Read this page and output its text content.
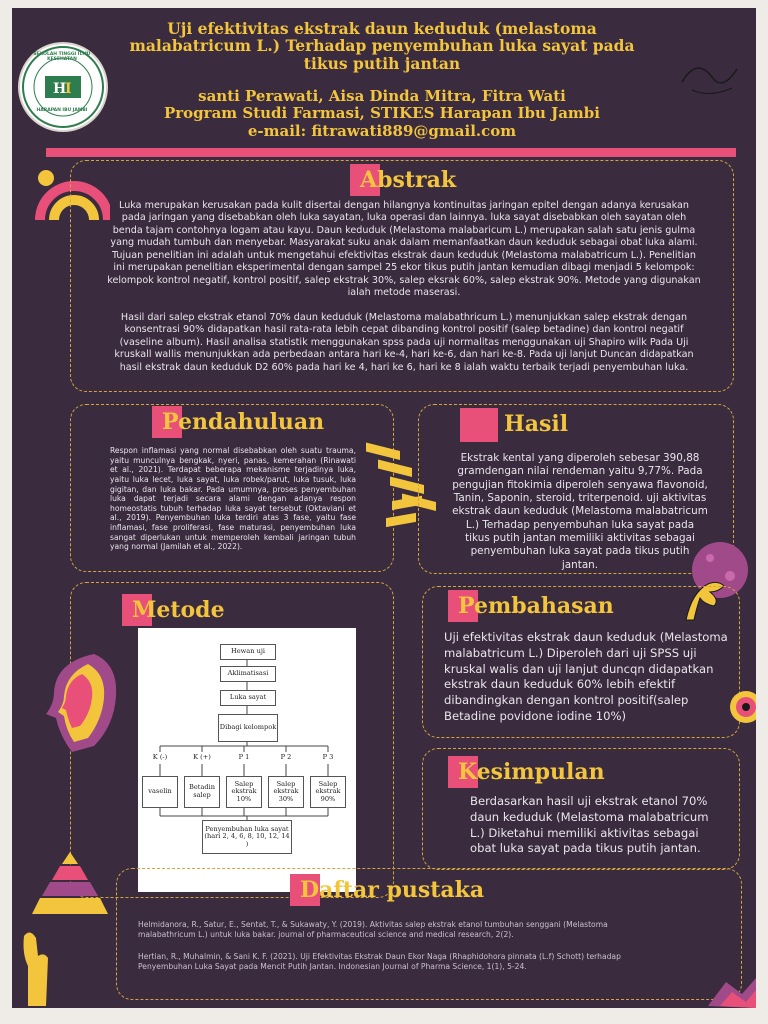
H
I
SEKOLAH TINGGI ILMU KESEHATAN
HARAPAN IBU JAMBI
Uji efektivitas ekstrak daun keduduk (melastoma
malabatricum L.) Terhadap penyembuhan luka sayat pada
tikus putih jantan
santi Perawati, Aisa Dinda Mitra, Fitra Wati
Program Studi Farmasi, STIKES Harapan Ibu Jambi
e-mail: fitrawati889@gmail.com
Abstrak
Luka merupakan kerusakan pada kulit disertai dengan hilangnya kontinuitas jaringan epitel dengan adanya kerusakan pada jaringan yang disebabkan oleh luka sayatan, luka operasi dan lainnya. luka sayat disebabkan oleh sayatan oleh benda tajam contohnya logam atau kayu. Daun keduduk (Melastoma malabaricum L.) merupakan salah satu jenis gulma yang mudah tumbuh dan menyebar. Masyarakat suku anak dalam memanfaatkan daun keduduk sebagai obat luka alami. Tujuan penelitian ini adalah untuk mengetahui efektivitas ekstrak daun keduduk (Melastoma malabatricum L.). Penelitian ini merupakan penelitian eksperimental dengan sampel 25 ekor tikus putih jantan kemudian dibagi menjadi 5 kelompok: kelompok kontrol negatif, kontrol positif, salep ekstrak 30%, salep eksrak 60%, salep ekstrak 90%. Metode yang digunakan ialah metode maserasi.
Hasil dari salep ekstrak etanol 70% daun keduduk (Melastoma malabathricum L.) menunjukkan salep ekstrak dengan konsentrasi 90% didapatkan hasil rata-rata lebih cepat dibanding kontrol positif (salep betadine) dan kontrol negatif (vaseline album). Hasil analisa statistik menggunakan spss pada uji normalitas menggunakan uji Shapiro wilk Pada Uji kruskall wallis menunjukkan ada perbedaan antara hari ke-4, hari ke-6, dan hari ke-8. Pada uji lanjut Duncan didapatkan hasil ekstrak daun keduduk D2 60% pada hari ke 4, hari ke 6, hari ke 8 ialah waktu terbaik terjadi penyembuhan luka.
Pendahuluan
Respon inflamasi yang normal disebabkan oleh suatu trauma, yaitu munculnya bengkak, nyeri, panas, kemerahan (Rinawati et al., 2021). Terdapat beberapa mekanisme terjadinya luka, yaitu luka lecet, luka sayat, luka robek/parut, luka tusuk, luka gigitan, dan luka bakar. Pada umumnya, proses penyembuhan luka dapat terjadi secara alami dengan adanya respon homeostatis tubuh terhadap luka sayat tersebut (Oktaviani et al., 2019). Penyembuhan luka terdiri atas 3 fase, yaitu fase inflamasi, fase proliferasi, fase maturasi, penyembuhan luka sangat diperlukan untuk memperoleh kembali jaringan tubuh yang normal (Jamilah et al., 2022).
Hasil
Ekstrak kental yang diperoleh sebesar 390,88 gramdengan nilai rendeman yaitu 9,77%. Pada pengujian fitokimia diperoleh senyawa flavonoid, Tanin, Saponin, steroid, triterpenoid. uji aktivitas ekstrak daun keduduk (Melastoma malabatricum L.) Terhadap penyembuhan luka sayat pada tikus putih jantan memiliki aktivitas sebagai penyembuhan luka sayat pada tikus putih jantan.
Metode
Hewan uji
Aklimatisasi
Luka sayat
Dibagi kelompok
K (-)	K (+)	P 1	P 2	P 3
vaselin	Betadin salep
Salep ekstrak 10%
Salep ekstrak 30%
Salep ekstrak 90%
Penyembuhan luka sayat (hari 2, 4, 6, 8, 10, 12, 14 )
Pembahasan
Uji efektivitas ekstrak daun keduduk (Melastoma malabatricum L.) Diperoleh dari uji SPSS uji kruskal walis dan uji lanjut duncqn didapatkan ekstrak daun keduduk 60% lebih efektif dibandingkan dengan kontrol positif(salep Betadine povidone iodine 10%)
Kesimpulan
Berdasarkan hasil uji ekstrak etanol 70% daun keduduk (Melastoma malabatricum L.) Diketahui memiliki aktivitas sebagai obat luka sayat pada tikus putih jantan.
Daftar pustaka
Helmidanora, R., Satur, E., Sentat, T., & Sukawaty, Y. (2019). Aktivitas salep ekstrak etanol tumbuhan senggani (Melastoma malabathricum L.) untuk luka bakar. journal of pharmaceutical science and medical research, 2(2).
Hertian, R., Muhalmin, & Sani K. F. (2021). Uji Efektivitas Ekstrak Daun Ekor Naga (Rhaphidohora pinnata (L.f) Schott) terhadap Penyembuhan Luka Sayat pada Mencit Putih Jantan. Indonesian Journal of Pharma Science, 1(1), 5-24.
